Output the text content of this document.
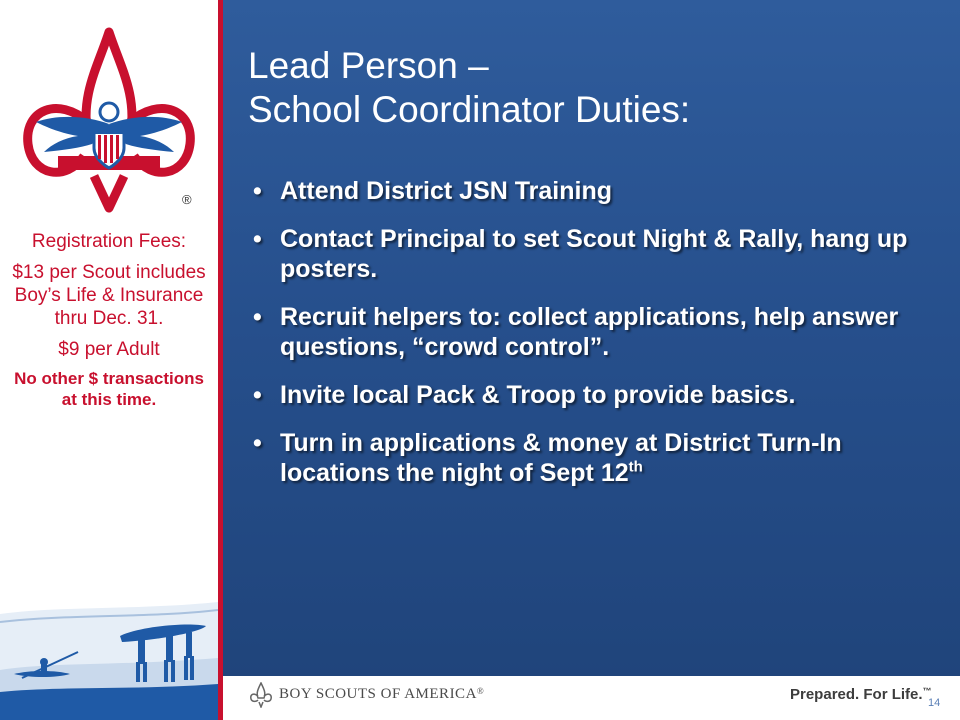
®

Registration Fees:

$13 per Scout includes Boy’s Life & Insurance thru Dec. 31.

$9 per Adult

No other $ transactions at this time.

Lead Person –
School Coordinator Duties:
• Attend District JSN Training
• Contact Principal to set Scout Night & Rally, hang up posters.
• Recruit helpers to: collect applications, help answer questions, “crowd control”.
• Invite local Pack & Troop to provide basics.
• Turn in applications & money at District Turn-In locations the night of Sept 12th
BOY SCOUTS OF AMERICA®	Prepared. For Life.™
14
